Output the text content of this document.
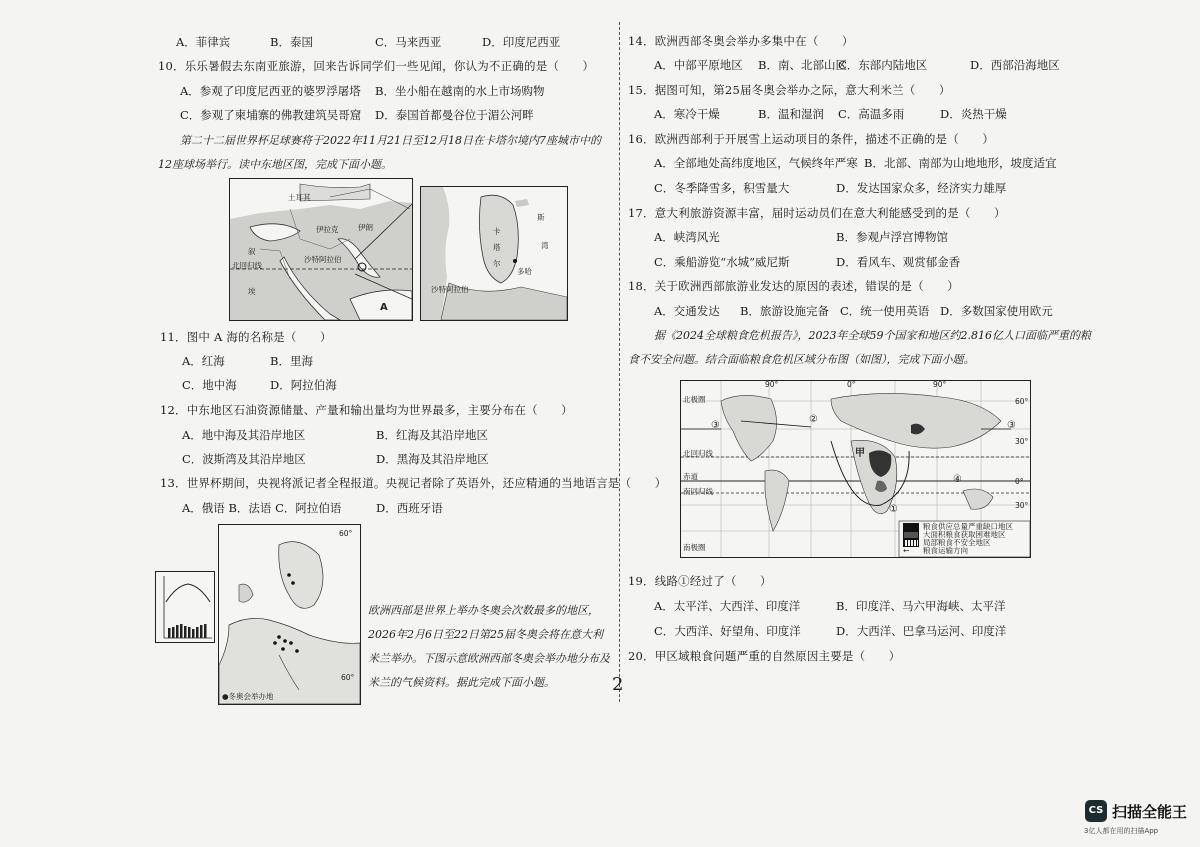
A．菲律宾	B．泰国	C．马来西亚	D．印度尼西亚
10．乐乐暑假去东南亚旅游，回来告诉同学们一些见闻，你认为不正确的是（　　）
A．参观了印度尼西亚的婆罗浮屠塔 B．坐小船在越南的水上市场购物
C．参观了柬埔寨的佛教建筑吴哥窟 D．泰国首都曼谷位于湄公河畔
第二十二届世界杯足球赛将于2022年11月21日至12月18日在卡塔尔境内7座城市中的
12座球场举行。读中东地区图，完成下面小题。
土耳其
伊拉克	伊朗
叙
沙特阿拉伯
埃
A
北回归线
卡
塔
尔
多哈
斯
湾
沙特阿拉伯
11．图中 A 海的名称是（　　）
A．红海	B．里海
C．地中海	D．阿拉伯海
12．中东地区石油资源储量、产量和输出量均为世界最多，主要分布在（　　）
A．地中海及其沿岸地区	B．红海及其沿岸地区
C．波斯湾及其沿岸地区	D．黑海及其沿岸地区
13．世界杯期间，央视将派记者全程报道。央视记者除了英语外，还应精通的当地语言是（　　）
A．俄语 B．法语 C．阿拉伯语	D．西班牙语
60°
60°
●冬奥会举办地
欧洲西部是世界上举办冬奥会次数最多的地区，
2026年2月6日至22日第25届冬奥会将在意大利
米兰举办。下图示意欧洲西部冬奥会举办地分布及
米兰的气候资料。据此完成下面小题。
14．欧洲西部冬奥会举办多集中在（　　）
A．中部平原地区 B．南、北部山区
C．东部内陆地区	D．西部沿海地区
15．据图可知，第25届冬奥会举办之际，意大利米兰（　　）
A．寒冷干燥	B．温和湿润 C．高温多雨	D．炎热干燥
16．欧洲西部利于开展雪上运动项目的条件，描述不正确的是（　　）
A．全部地处高纬度地区，气候终年严寒 B．北部、南部为山地地形，坡度适宜
C．冬季降雪多，积雪量大	D．发达国家众多，经济实力雄厚
17．意大利旅游资源丰富，届时运动员们在意大利能感受到的是（　　）
A．峡湾风光	B．参观卢浮宫博物馆
C．乘船游览“水城”威尼斯	D．看风车、观赏郁金香
18．关于欧洲西部旅游业发达的原因的表述，错误的是（　　）
A．交通发达 B．旅游设施完备 C．统一使用英语 D．多数国家使用欧元
据《2024全球粮食危机报告》，2023年全球59个国家和地区约2.816亿人口面临严重的粮
食不安全问题。结合面临粮食危机区域分布图（如图），完成下面小题。
90°	0°	90°
60°
30°
0°
30°
北极圈
北回归线
赤道
南回归线
南极圈
甲
①
②
③
④
③
粮食供应总量严重缺口地区
大面积粮食获取困难地区
局部粮食不安全地区
← 粮食运输方向
19．线路①经过了（　　）
A．太平洋、大西洋、印度洋	B．印度洋、马六甲海峡、太平洋
C．大西洋、好望角、印度洋	D．大西洋、巴拿马运河、印度洋
20．甲区域粮食问题严重的自然原因主要是（　　）
2
CS 扫描全能王
3亿人都在用的扫描App
